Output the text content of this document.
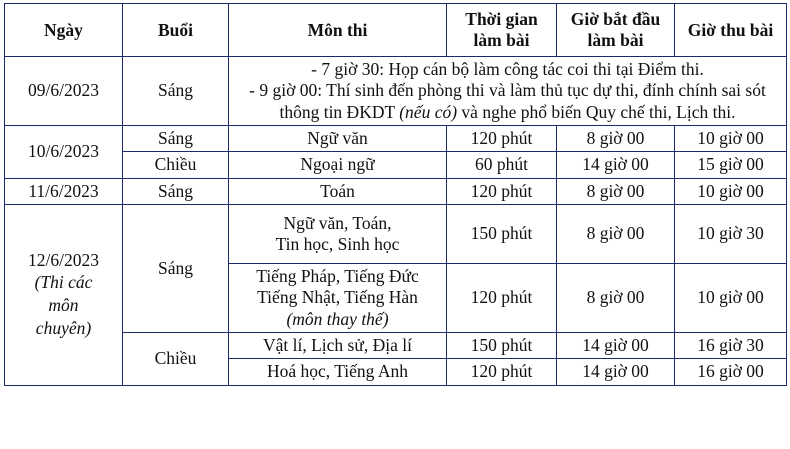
Ngày	Buổi	Môn thi	Thời gian làm bài	Giờ bắt đầu làm bài	Giờ thu bài
09/6/2023	Sáng	- 7 giờ 30: Họp cán bộ làm công tác coi thi tại Điểm thi.
- 9 giờ 00: Thí sinh đến phòng thi và làm thủ tục dự thi, đính chính sai sót thông tin ĐKDT (nếu có) và nghe phổ biến Quy chế thi, Lịch thi.			

10/6/2023	Sáng	Ngữ văn	120 phút	8 giờ 00	10 giờ 00
	Chiều	Ngoại ngữ	60 phút	14 giờ 00	15 giờ 00
11/6/2023	Sáng	Toán	120 phút	8 giờ 00	10 giờ 00

12/6/2023
(Thi các
môn
chuyên)	Sáng	Ngữ văn, Toán,
Tin học, Sinh học	150 phút	8 giờ 00	10 giờ 30

		Tiếng Pháp, Tiếng Đức
Tiếng Nhật, Tiếng Hàn
(môn thay thế)	120 phút	8 giờ 00	10 giờ 00
	Chiều	Vật lí, Lịch sử, Địa lí	150 phút	14 giờ 00	16 giờ 30
		Hoá học, Tiếng Anh	120 phút	14 giờ 00	16 giờ 00
